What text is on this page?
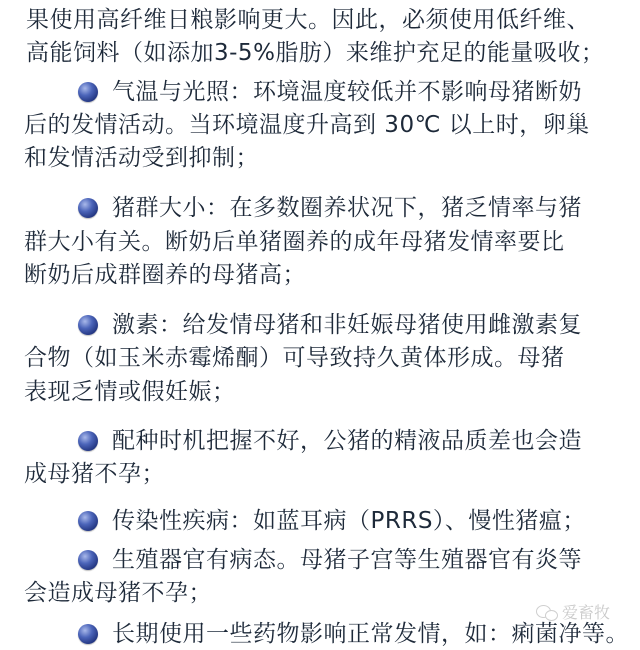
果使用高纤维日粮影响更大。因此，必须使用低纤维、
高能饲料（如添加3-5%脂肪）来维护充足的能量吸收；
气温与光照：环境温度较低并不影响母猪断奶
后的发情活动。当环境温度升高到 30℃ 以上时，卵巢
和发情活动受到抑制；
猪群大小：在多数圈养状况下，猪乏情率与猪
群大小有关。断奶后单猪圈养的成年母猪发情率要比
断奶后成群圈养的母猪高；
激素：给发情母猪和非妊娠母猪使用雌激素复
合物（如玉米赤霉烯酮）可导致持久黄体形成。母猪
表现乏情或假妊娠；
配种时机把握不好，公猪的精液品质差也会造
成母猪不孕；
传染性疾病：如蓝耳病（PRRS）、慢性猪瘟；
生殖器官有病态。母猪子宫等生殖器官有炎等
会造成母猪不孕；
长期使用一些药物影响正常发情，如：痢菌净等。
爱畜牧
